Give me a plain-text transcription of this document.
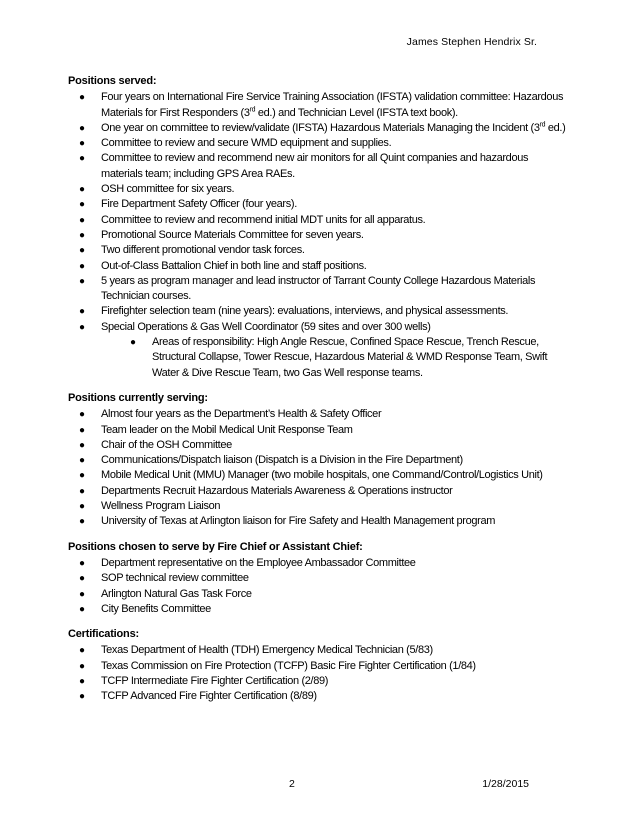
James Stephen Hendrix Sr.
Positions served:
● Four years on International Fire Service Training Association (IFSTA) validation committee: Hazardous Materials for First Responders (3rd ed.) and Technician Level (IFSTA text book).
● One year on committee to review/validate (IFSTA) Hazardous Materials Managing the Incident (3rd ed.)
● Committee to review and secure WMD equipment and supplies.
● Committee to review and recommend new air monitors for all Quint companies and hazardous materials team; including GPS Area RAEs.
● OSH committee for six years.
● Fire Department Safety Officer (four years).
● Committee to review and recommend initial MDT units for all apparatus.
● Promotional Source Materials Committee for seven years.
● Two different promotional vendor task forces.
● Out-of-Class Battalion Chief in both line and staff positions.
● 5 years as program manager and lead instructor of Tarrant County College Hazardous Materials Technician courses.
● Firefighter selection team (nine years): evaluations, interviews, and physical assessments.
● Special Operations & Gas Well Coordinator (59 sites and over 300 wells)
● Areas of responsibility: High Angle Rescue, Confined Space Rescue, Trench Rescue, Structural Collapse, Tower Rescue, Hazardous Material & WMD Response Team, Swift Water & Dive Rescue Team, two Gas Well response teams.
Positions currently serving:
● Almost four years as the Department’s Health & Safety Officer
● Team leader on the Mobil Medical Unit Response Team
● Chair of the OSH Committee
● Communications/Dispatch liaison (Dispatch is a Division in the Fire Department)
● Mobile Medical Unit (MMU) Manager (two mobile hospitals, one Command/Control/Logistics Unit)
● Departments Recruit Hazardous Materials Awareness & Operations instructor
● Wellness Program Liaison
● University of Texas at Arlington liaison for Fire Safety and Health Management program
Positions chosen to serve by Fire Chief or Assistant Chief:
● Department representative on the Employee Ambassador Committee
● SOP technical review committee
● Arlington Natural Gas Task Force
● City Benefits Committee
Certifications:
● Texas Department of Health (TDH) Emergency Medical Technician (5/83)
● Texas Commission on Fire Protection (TCFP) Basic Fire Fighter Certification (1/84)
● TCFP Intermediate Fire Fighter Certification (2/89)
● TCFP Advanced Fire Fighter Certification (8/89)
2	1/28/2015
